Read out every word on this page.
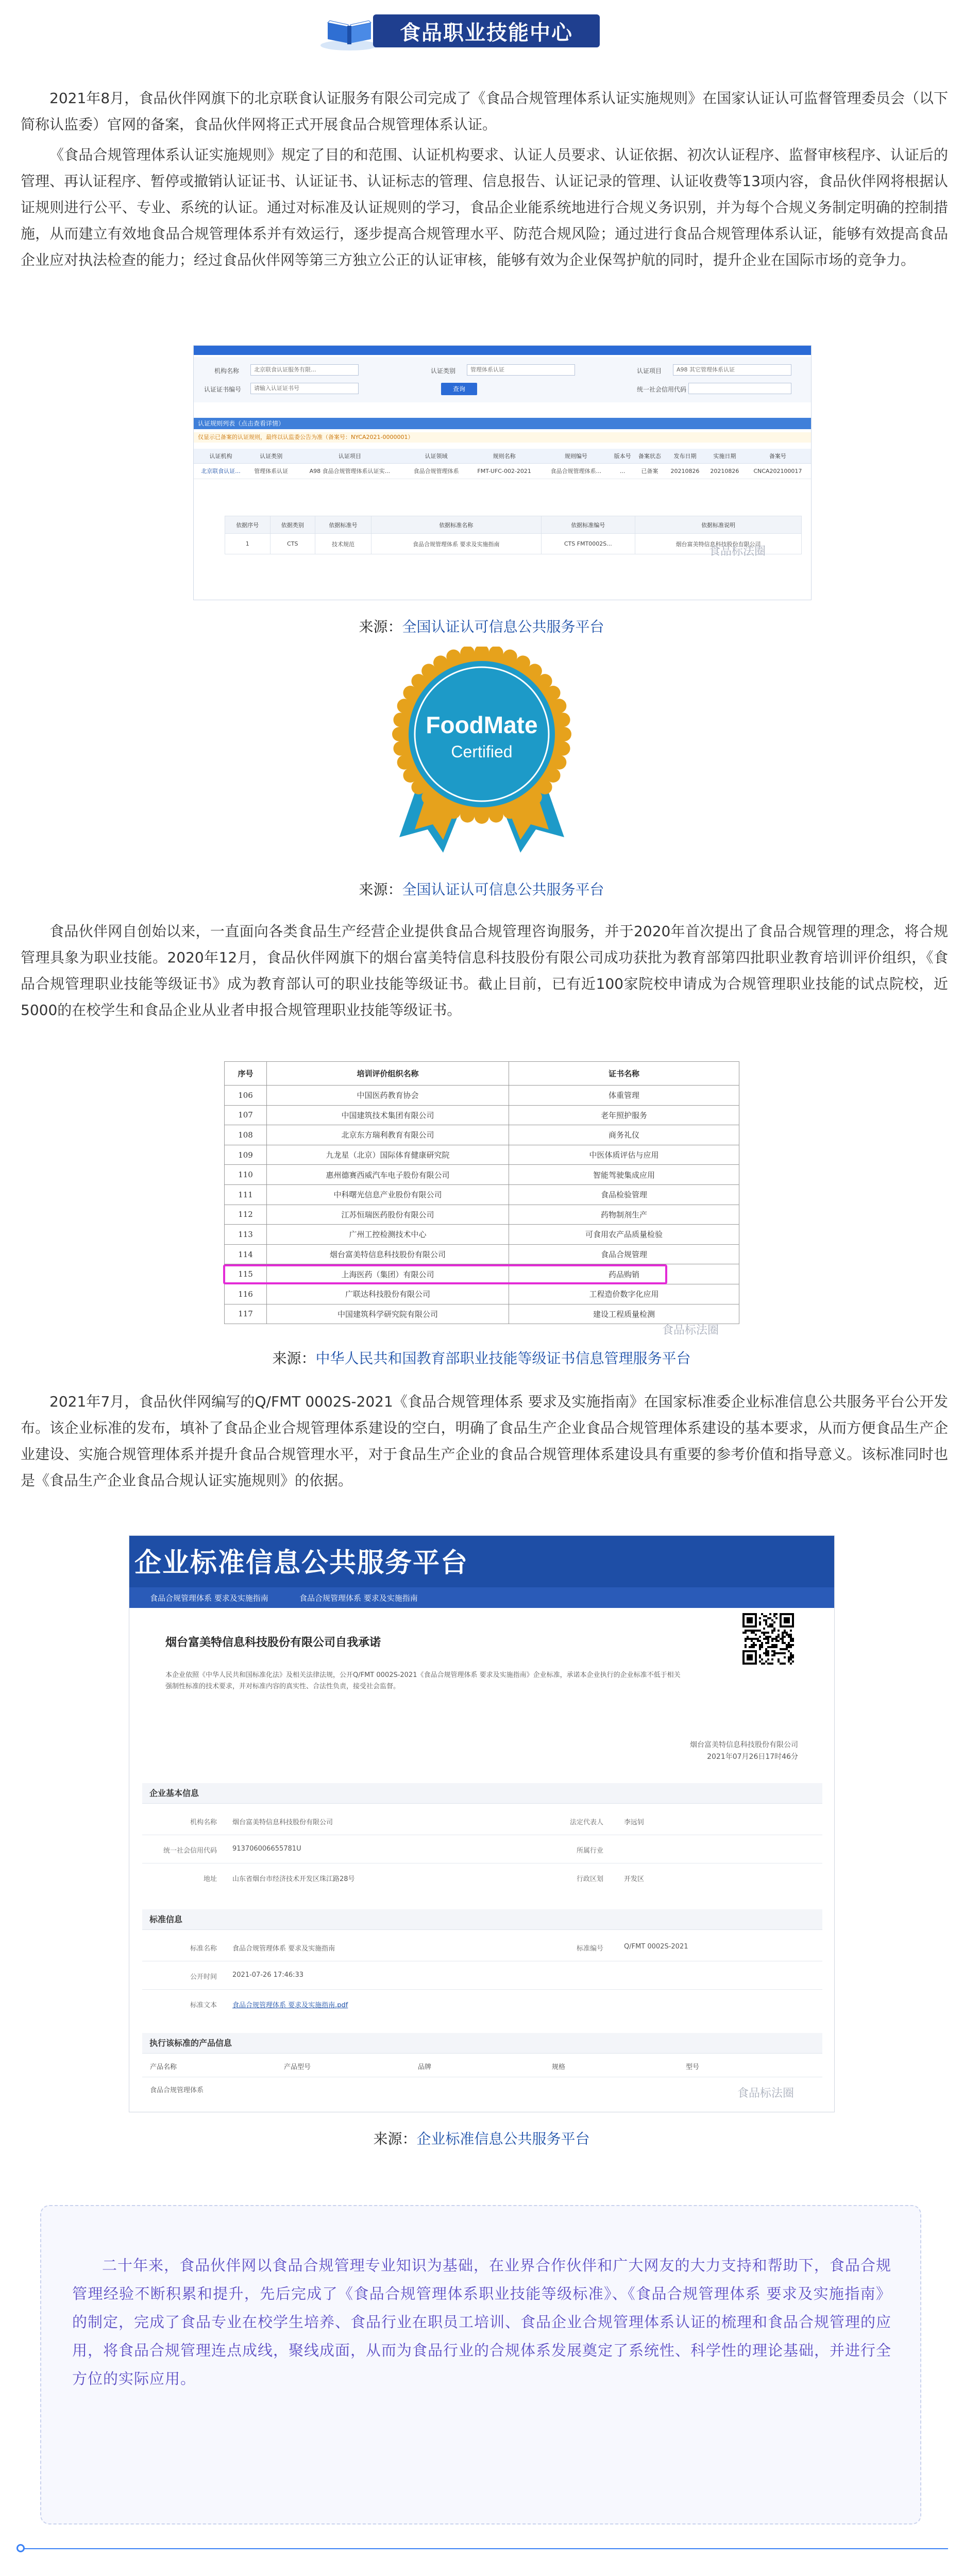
食品职业技能中心

2021年8月，食品伙伴网旗下的北京联食认证服务有限公司完成了《食品合规管理体系认证实施规则》在国家认证认可监督管理委员会（以下简称认监委）官网的备案，食品伙伴网将正式开展食品合规管理体系认证。

《食品合规管理体系认证实施规则》规定了目的和范围、认证机构要求、认证人员要求、认证依据、初次认证程序、监督审核程序、认证后的管理、再认证程序、暂停或撤销认证证书、认证证书、认证标志的管理、信息报告、认证记录的管理、认证收费等13项内容，食品伙伴网将根据认证规则进行公平、专业、系统的认证。通过对标准及认证规则的学习，食品企业能系统地进行合规义务识别，并为每个合规义务制定明确的控制措施，从而建立有效地食品合规管理体系并有效运行，逐步提高合规管理水平、防范合规风险；通过进行食品合规管理体系认证，能够有效提高食品企业应对执法检查的能力；经过食品伙伴网等第三方独立公正的认证审核，能够有效为企业保驾护航的同时，提升企业在国际市场的竞争力。

机构名称	北京联食认证服务有限...	认证类别	管理体系认证	认证项目	A98 其它管理体系认证
认证证书编号	请输入认证证书号	查询	统一社会信用代码
认证规则列表（点击查看详情）
仅显示已备案的认证规则，最终以认监委公告为准（备案号：NYCA2021-0000001）
认证机构	认证类别	认证项目	认证领域	规则名称	规则编号	版本号	备案状态	发布日期	实施日期	备案号
北京联食认证...	管理体系认证	A98 食品合规管理体系认证实...	食品合规管理体系	FMT-UFC-002-2021	食品合规管理体系...	...	已备案	20210826	20210826	CNCA202100017
依据序号	依据类别	依据标准号	依据标准名称	依据标准编号	依据标准说明
1	CTS	技术规范	食品合规管理体系 要求及实施指南	CTS FMT0002S...	烟台富美特信息科技股份有限公司
食品标法圈
来源：全国认证认可信息公共服务平台
FoodMate
Certified
来源：全国认证认可信息公共服务平台

食品伙伴网自创始以来，一直面向各类食品生产经营企业提供食品合规管理咨询服务，并于2020年首次提出了食品合规管理的理念，将合规管理具象为职业技能。2020年12月，食品伙伴网旗下的烟台富美特信息科技股份有限公司成功获批为教育部第四批职业教育培训评价组织，《食品合规管理职业技能等级证书》成为教育部认可的职业技能等级证书。截止目前，已有近100家院校申请成为合规管理职业技能的试点院校，近5000的在校学生和食品企业从业者申报合规管理职业技能等级证书。

序号	培训评价组织名称	证书名称
106	中国医药教育协会	体重管理
107	中国建筑技术集团有限公司	老年照护服务
108	北京东方瑞利教育有限公司	商务礼仪
109	九龙星（北京）国际体育健康研究院	中医体质评估与应用
110	惠州德赛西威汽车电子股份有限公司	智能驾驶集成应用
111	中科曙光信息产业股份有限公司	食品检验管理
112	江苏恒瑞医药股份有限公司	药物制剂生产
113	广州工控检测技术中心	可食用农产品质量检验
114	烟台富美特信息科技股份有限公司	食品合规管理
115	上海医药（集团）有限公司	药品购销
116	广联达科技股份有限公司	工程造价数字化应用
117	中国建筑科学研究院有限公司	建设工程质量检测
食品标法圈
来源：中华人民共和国教育部职业技能等级证书信息管理服务平台

2021年7月，食品伙伴网编写的Q/FMT 0002S-2021《食品合规管理体系 要求及实施指南》在国家标准委企业标准信息公共服务平台公开发布。该企业标准的发布，填补了食品企业合规管理体系建设的空白，明确了食品生产企业食品合规管理体系建设的基本要求，从而方便食品生产企业建设、实施合规管理体系并提升食品合规管理水平，对于食品生产企业的食品合规管理体系建设具有重要的参考价值和指导意义。该标准同时也是《食品生产企业食品合规认证实施规则》的依据。

企业标准信息公共服务平台
食品合规管理体系 要求及实施指南	食品合规管理体系 要求及实施指南
烟台富美特信息科技股份有限公司自我承诺
本企业依照《中华人民共和国标准化法》及相关法律法规，公开Q/FMT 0002S-2021《食品合规管理体系 要求及实施指南》企业标准，承诺本企业执行的企业标准不低于相关强制性标准的技术要求，并对标准内容的真实性、合法性负责，接受社会监督。
烟台富美特信息科技股份有限公司
2021年07月26日17时46分
企业基本信息
机构名称 烟台富美特信息科技股份有限公司	法定代表人	李远钊
统一社会信用代码 913706006655781U	所属行业
地址 山东省烟台市经济技术开发区珠江路28号	行政区划	开发区
标准信息
标准名称 食品合规管理体系 要求及实施指南	标准编号	Q/FMT 0002S-2021
公开时间 2021-07-26 17:46:33
标准文本 食品合规管理体系 要求及实施指南.pdf
执行该标准的产品信息
产品名称	产品型号	品牌	规格	型号
食品合规管理体系	食品标法圈
来源：企业标准信息公共服务平台

二十年来，食品伙伴网以食品合规管理专业知识为基础，在业界合作伙伴和广大网友的大力支持和帮助下，食品合规管理经验不断积累和提升，先后完成了《食品合规管理体系职业技能等级标准》、《食品合规管理体系 要求及实施指南》的制定，完成了食品专业在校学生培养、食品行业在职员工培训、食品企业合规管理体系认证的梳理和食品合规管理的应用，将食品合规管理连点成线，聚线成面，从而为食品行业的合规体系发展奠定了系统性、科学性的理论基础，并进行全方位的实际应用。
